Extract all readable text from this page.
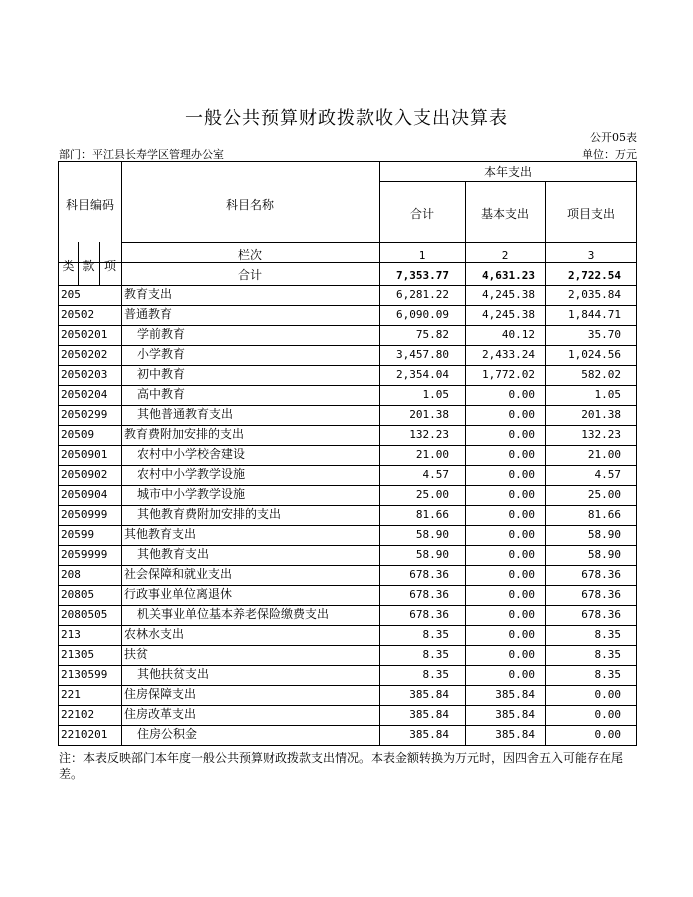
一般公共预算财政拨款收入支出决算表
公开05表
部门：平江县长寿学区管理办公室	单位：万元
科目编码	科目名称
本年支出
合计	基本支出	项目支出
类 款 项
栏次	1	2	3
合计	7,353.77	4,631.23	2,722.54
205	教育支出	6,281.22	4,245.38	2,035.84
20502	普通教育	6,090.09	4,245.38	1,844.71
2050201	学前教育	75.82	40.12	35.70
2050202	小学教育	3,457.80	2,433.24	1,024.56
2050203	初中教育	2,354.04	1,772.02	582.02
2050204	高中教育	1.05	0.00	1.05
2050299	其他普通教育支出	201.38	0.00	201.38
20509	教育费附加安排的支出	132.23	0.00	132.23
2050901	农村中小学校舍建设	21.00	0.00	21.00
2050902	农村中小学教学设施	4.57	0.00	4.57
2050904	城市中小学教学设施	25.00	0.00	25.00
2050999	其他教育费附加安排的支出	81.66	0.00	81.66
20599	其他教育支出	58.90	0.00	58.90
2059999	其他教育支出	58.90	0.00	58.90
208	社会保障和就业支出	678.36	0.00	678.36
20805	行政事业单位离退休	678.36	0.00	678.36
2080505	机关事业单位基本养老保险缴费支出	678.36	0.00	678.36
213	农林水支出	8.35	0.00	8.35
21305	扶贫	8.35	0.00	8.35
2130599	其他扶贫支出	8.35	0.00	8.35
221	住房保障支出	385.84	385.84	0.00
22102	住房改革支出	385.84	385.84	0.00
2210201	住房公积金	385.84	385.84	0.00
注：本表反映部门本年度一般公共预算财政拨款支出情况。本表金额转换为万元时，因四舍五入可能存在尾差。
